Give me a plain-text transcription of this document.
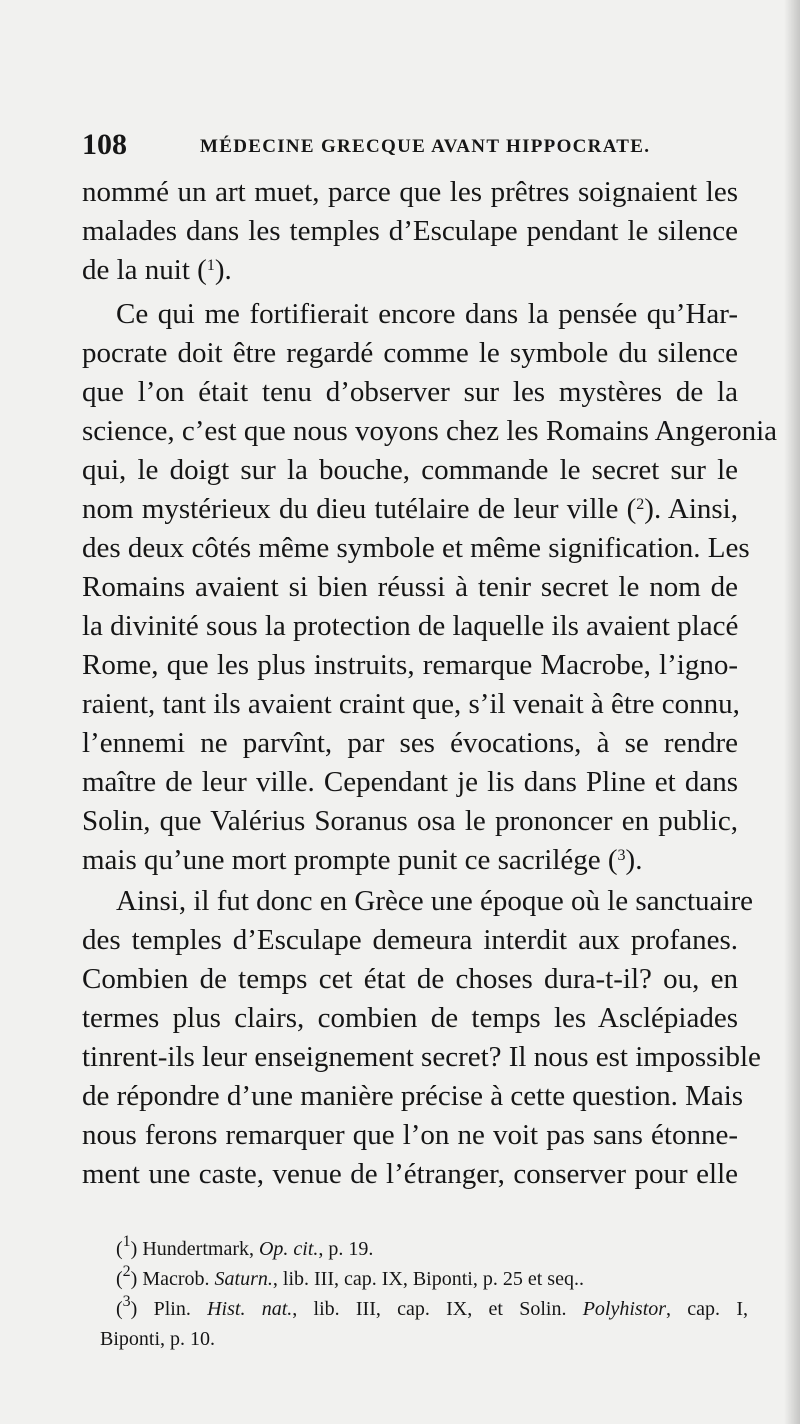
108	MÉDECINE GRECQUE AVANT HIPPOCRATE.
nommé un art muet, parce que les prêtres soignaient les
malades dans les temples d’Esculape pendant le silence
de la nuit ($^1$).
Ce qui me fortifierait encore dans la pensée qu’Har-
pocrate doit être regardé comme le symbole du silence
que l’on était tenu d’observer sur les mystères de la
science, c’est que nous voyons chez les Romains Angeronia
qui, le doigt sur la bouche, commande le secret sur le
nom mystérieux du dieu tutélaire de leur ville ($^2$). Ainsi,
des deux côtés même symbole et même signification. Les
Romains avaient si bien réussi à tenir secret le nom de
la divinité sous la protection de laquelle ils avaient placé
Rome, que les plus instruits, remarque Macrobe, l’igno-
raient, tant ils avaient craint que, s’il venait à être connu,
l’ennemi ne parvînt, par ses évocations, à se rendre
maître de leur ville. Cependant je lis dans Pline et dans
Solin, que Valérius Soranus osa le prononcer en public,
mais qu’une mort prompte punit ce sacrilége ($^3$).
Ainsi, il fut donc en Grèce une époque où le sanctuaire
des temples d’Esculape demeura interdit aux profanes.
Combien de temps cet état de choses dura-t-il? ou, en
termes plus clairs, combien de temps les Asclépiades
tinrent-ils leur enseignement secret? Il nous est impossible
de répondre d’une manière précise à cette question. Mais
nous ferons remarquer que l’on ne voit pas sans étonne-
ment une caste, venue de l’étranger, conserver pour elle
($^1$) Hundertmark, Op. cit., p. 19.
($^2$) Macrob. Saturn., lib. III, cap. IX, Biponti, p. 25 et seq..
($^3$) Plin. Hist. nat., lib. III, cap. IX, et Solin. Polyhistor, cap. I,
Biponti, p. 10.
